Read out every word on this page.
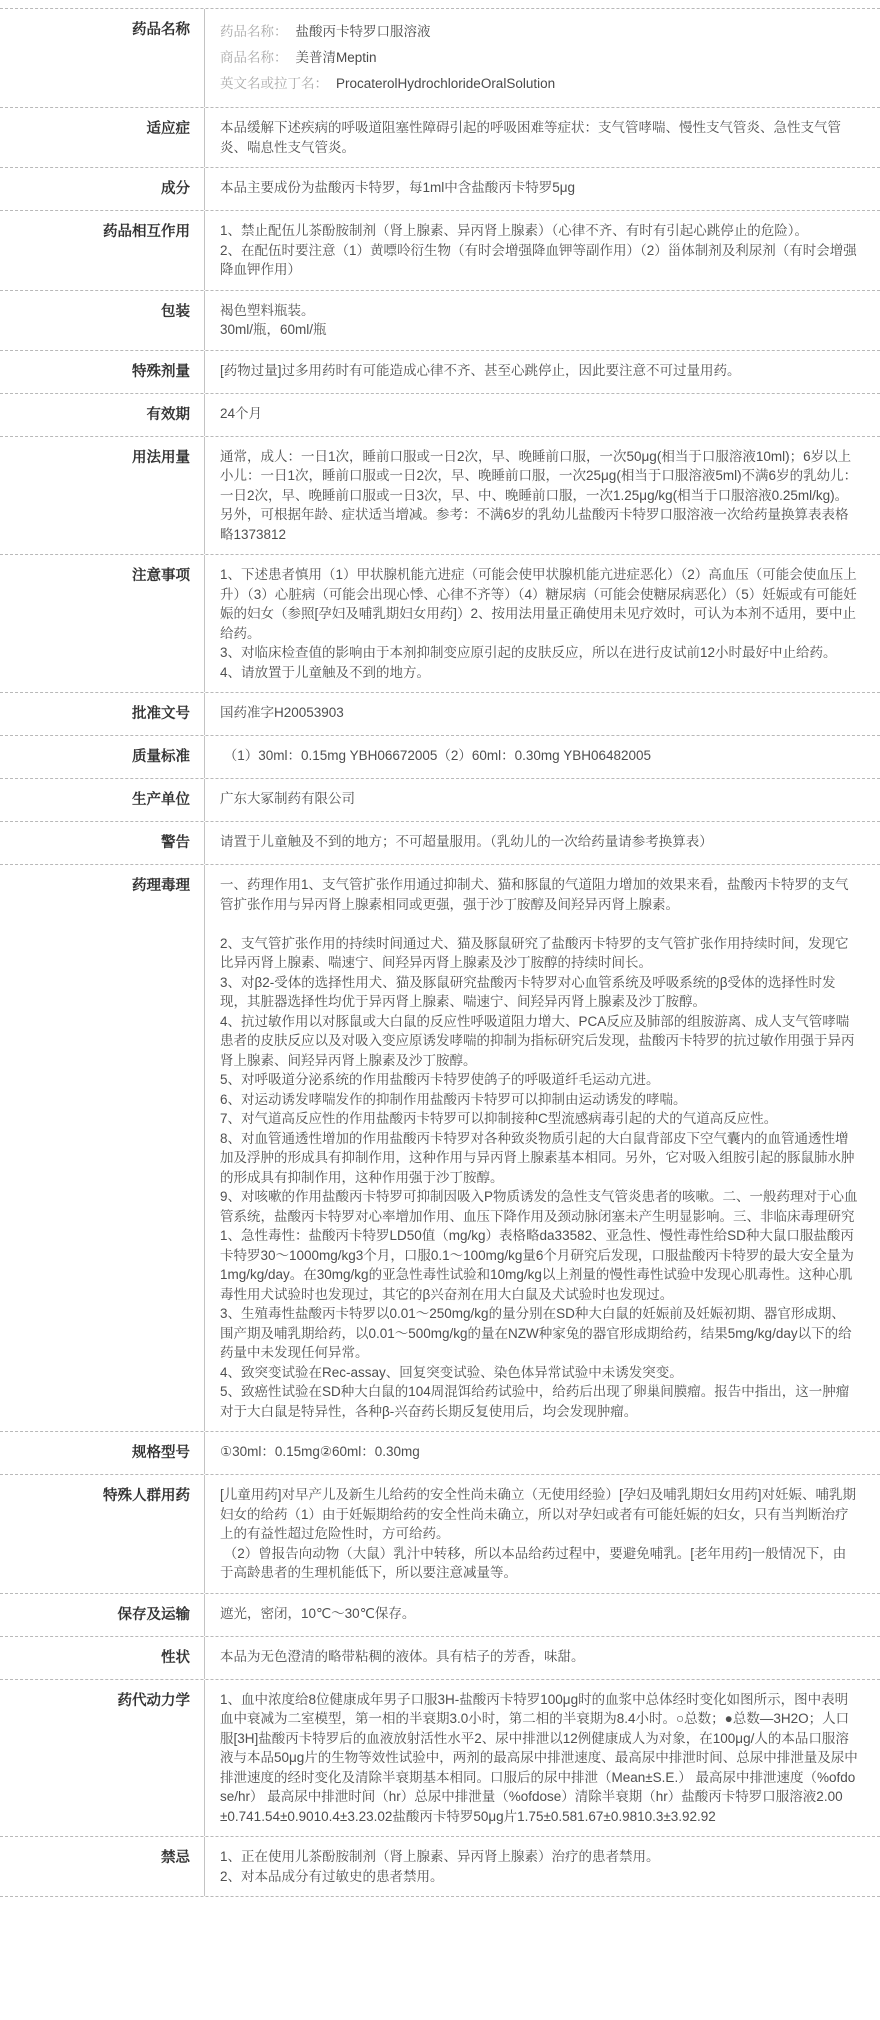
药品名称	药品名称： 盐酸丙卡特罗口服溶液
商品名称： 美普清Meptin
英文名或拉丁名： ProcaterolHydrochlorideOralSolution
适应症	本品缓解下述疾病的呼吸道阻塞性障碍引起的呼吸困难等症状：支气管哮喘、慢性支气管炎、急性支气管炎、喘息性支气管炎。

成分	本品主要成份为盐酸丙卡特罗，每1ml中含盐酸丙卡特罗5μg

药品相互作用	1、禁止配伍儿茶酚胺制剂（肾上腺素、异丙肾上腺素）（心律不齐、有时有引起心跳停止的危险）。

2、在配伍时要注意（1）黄嘌呤衍生物（有时会增强降血钾等副作用）（2）甾体制剂及利尿剂（有时会增强降血钾作用）

包装	褐色塑料瓶装。

30ml/瓶，60ml/瓶

特殊剂量	[药物过量]过多用药时有可能造成心律不齐、甚至心跳停止，因此要注意不可过量用药。

有效期	24个月

用法用量	通常，成人：一日1次，睡前口服或一日2次，早、晚睡前口服，一次50μg(相当于口服溶液10ml)；6岁以上小儿：一日1次，睡前口服或一日2次，早、晚睡前口服，一次25μg(相当于口服溶液5ml)不满6岁的乳幼儿：一日2次，早、晚睡前口服或一日3次，早、中、晚睡前口服，一次1.25μg/kg(相当于口服溶液0.25ml/kg)。另外，可根据年龄、症状适当增减。参考：不满6岁的乳幼儿盐酸丙卡特罗口服溶液一次给药量换算表表格略1373812

注意事项	1、下述患者慎用（1）甲状腺机能亢进症（可能会使甲状腺机能亢进症恶化）（2）高血压（可能会使血压上升）（3）心脏病（可能会出现心悸、心律不齐等）（4）糖尿病（可能会使糖尿病恶化）（5）妊娠或有可能妊娠的妇女（参照[孕妇及哺乳期妇女用药]）2、按用法用量正确使用未见疗效时，可认为本剂不适用，要中止给药。

3、对临床检查值的影响由于本剂抑制变应原引起的皮肤反应，所以在进行皮试前12小时最好中止给药。

4、请放置于儿童触及不到的地方。

批准文号	国药准字H20053903

质量标准	（1）30ml：0.15mg YBH06672005（2）60ml：0.30mg YBH06482005

生产单位	广东大冢制药有限公司

警告	请置于儿童触及不到的地方；不可超量服用。（乳幼儿的一次给药量请参考换算表）

药理毒理	一、药理作用1、支气管扩张作用通过抑制犬、猫和豚鼠的气道阻力增加的效果来看，盐酸丙卡特罗的支气管扩张作用与异丙肾上腺素相同或更强，强于沙丁胺醇及间羟异丙肾上腺素。

2、支气管扩张作用的持续时间通过犬、猫及豚鼠研究了盐酸丙卡特罗的支气管扩张作用持续时间，发现它比异丙肾上腺素、喘速宁、间羟异丙肾上腺素及沙丁胺醇的持续时间长。

3、对β2-受体的选择性用犬、猫及豚鼠研究盐酸丙卡特罗对心血管系统及呼吸系统的β受体的选择性时发现，其脏器选择性均优于异丙肾上腺素、喘速宁、间羟异丙肾上腺素及沙丁胺醇。

4、抗过敏作用以对豚鼠或大白鼠的反应性呼吸道阻力增大、PCA反应及肺部的组胺游离、成人支气管哮喘患者的皮肤反应以及对吸入变应原诱发哮喘的抑制为指标研究后发现，盐酸丙卡特罗的抗过敏作用强于异丙肾上腺素、间羟异丙肾上腺素及沙丁胺醇。

5、对呼吸道分泌系统的作用盐酸丙卡特罗使鸽子的呼吸道纤毛运动亢进。

6、对运动诱发哮喘发作的抑制作用盐酸丙卡特罗可以抑制由运动诱发的哮喘。

7、对气道高反应性的作用盐酸丙卡特罗可以抑制接种C型流感病毒引起的犬的气道高反应性。

8、对血管通透性增加的作用盐酸丙卡特罗对各种致炎物质引起的大白鼠背部皮下空气囊内的血管通透性增加及浮肿的形成具有抑制作用，这种作用与异丙肾上腺素基本相同。另外，它对吸入组胺引起的豚鼠肺水肿的形成具有抑制作用，这种作用强于沙丁胺醇。

9、对咳嗽的作用盐酸丙卡特罗可抑制因吸入P物质诱发的急性支气管炎患者的咳嗽。二、一般药理对于心血管系统，盐酸丙卡特罗对心率增加作用、血压下降作用及颈动脉闭塞未产生明显影响。三、非临床毒理研究1、急性毒性：盐酸丙卡特罗LD50值（mg/kg）表格略da33582、亚急性、慢性毒性给SD种大鼠口服盐酸丙卡特罗30～1000mg/kg3个月，口服0.1～100mg/kg量6个月研究后发现，口服盐酸丙卡特罗的最大安全量为1mg/kg/day。在30mg/kg的亚急性毒性试验和10mg/kg以上剂量的慢性毒性试验中发现心肌毒性。这种心肌毒性用犬试验时也发现过，其它的β兴奋剂在用大白鼠及犬试验时也发现过。

3、生殖毒性盐酸丙卡特罗以0.01～250mg/kg的量分别在SD种大白鼠的妊娠前及妊娠初期、器官形成期、围产期及哺乳期给药，以0.01～500mg/kg的量在NZW种家兔的器官形成期给药，结果5mg/kg/day以下的给药量中未发现任何异常。

4、致突变试验在Rec-assay、回复突变试验、染色体异常试验中未诱发突变。

5、致癌性试验在SD种大白鼠的104周混饵给药试验中，给药后出现了卵巢间膜瘤。报告中指出，这一肿瘤对于大白鼠是特异性，各种β-兴奋药长期反复使用后，均会发现肿瘤。

规格型号	①30ml：0.15mg②60ml：0.30mg

特殊人群用药	[儿童用药]对早产儿及新生儿给药的安全性尚未确立（无使用经验）[孕妇及哺乳期妇女用药]对妊娠、哺乳期妇女的给药（1）由于妊娠期给药的安全性尚未确立，所以对孕妇或者有可能妊娠的妇女，只有当判断治疗上的有益性超过危险性时，方可给药。

（2）曾报告向动物（大鼠）乳汁中转移，所以本品给药过程中，要避免哺乳。[老年用药]一般情况下，由于高龄患者的生理机能低下，所以要注意减量等。

保存及运输	遮光，密闭，10℃～30℃保存。

性状	本品为无色澄清的略带粘稠的液体。具有桔子的芳香，味甜。

药代动力学	1、血中浓度给8位健康成年男子口服3H-盐酸丙卡特罗100μg时的血浆中总体经时变化如图所示，图中表明血中衰减为二室模型，第一相的半衰期3.0小时，第二相的半衰期为8.4小时。○总数；●总数—3H2O；人口服[3H]盐酸丙卡特罗后的血液放射活性水平2、尿中排泄以12例健康成人为对象，在100μg/人的本品口服溶液与本品50μg片的生物等效性试验中，两剂的最高尿中排泄速度、最高尿中排泄时间、总尿中排泄量及尿中排泄速度的经时变化及清除半衰期基本相同。口服后的尿中排泄（Mean±S.E.） 最高尿中排泄速度（%ofdose/hr） 最高尿中排泄时间（hr）总尿中排泄量（%ofdose）清除半衰期（hr）盐酸丙卡特罗口服溶液2.00±0.741.54±0.9010.4±3.23.02盐酸丙卡特罗50μg片1.75±0.581.67±0.9810.3±3.92.92

禁忌	1、正在使用儿茶酚胺制剂（肾上腺素、异丙肾上腺素）治疗的患者禁用。

2、对本品成分有过敏史的患者禁用。
